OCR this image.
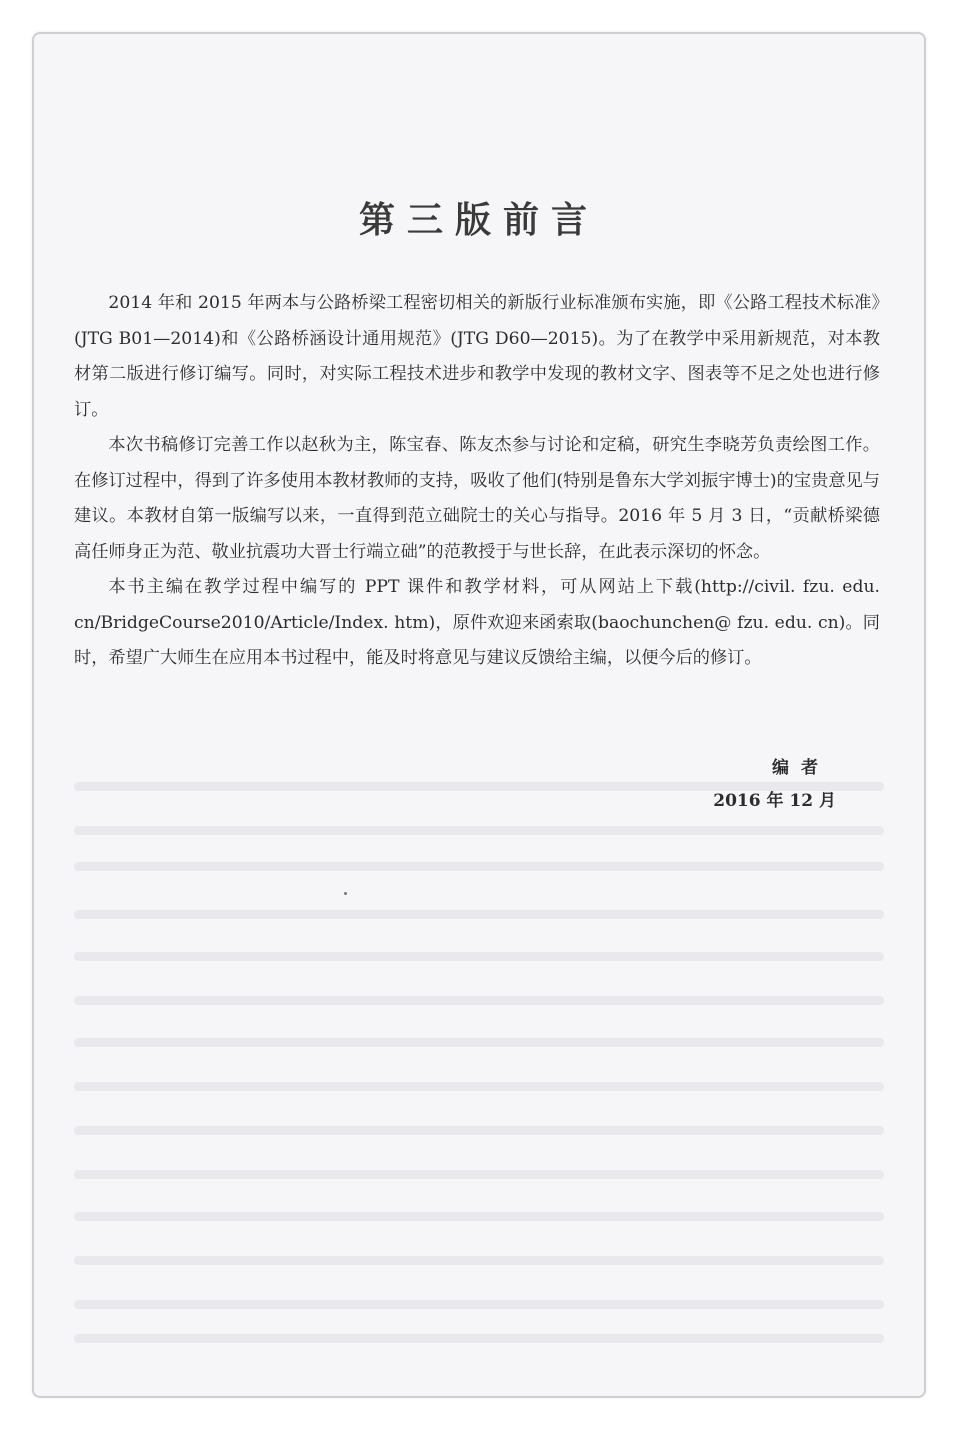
第三版前言

2014 年和 2015 年两本与公路桥梁工程密切相关的新版行业标准颁布实施，即《公路工程技术标准》(JTG B01—2014)和《公路桥涵设计通用规范》(JTG D60—2015)。为了在教学中采用新规范，对本教材第二版进行修订编写。同时，对实际工程技术进步和教学中发现的教材文字、图表等不足之处也进行修订。

本次书稿修订完善工作以赵秋为主，陈宝春、陈友杰参与讨论和定稿，研究生李晓芳负责绘图工作。在修订过程中，得到了许多使用本教材教师的支持，吸收了他们(特别是鲁东大学刘振宇博士)的宝贵意见与建议。本教材自第一版编写以来，一直得到范立础院士的关心与指导。2016 年 5 月 3 日，“贡献桥梁德高任师身正为范、敬业抗震功大晋士行端立础”的范教授于与世长辞，在此表示深切的怀念。

本书主编在教学过程中编写的 PPT 课件和教学材料，可从网站上下载(http://civil. fzu. edu. cn/BridgeCourse2010/Article/Index. htm)，原件欢迎来函索取(baochunchen@ fzu. edu. cn)。同时，希望广大师生在应用本书过程中，能及时将意见与建议反馈给主编，以便今后的修订。

编者
2016 年 12 月
